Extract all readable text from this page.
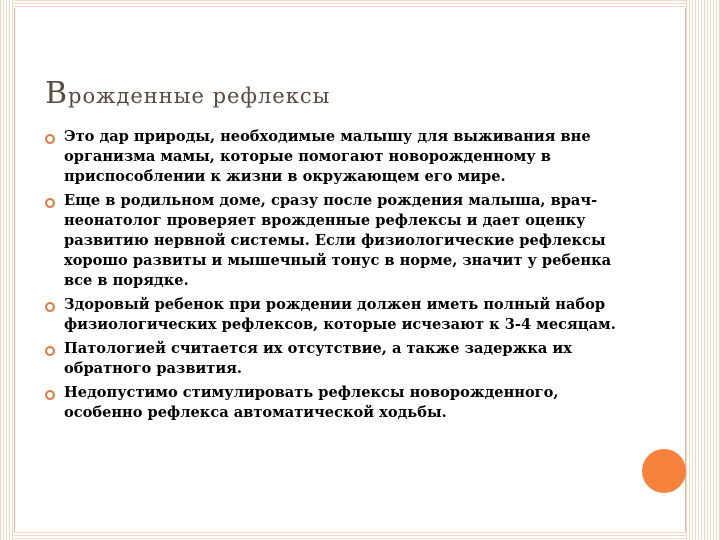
Врожденные рефлексы
Это дар природы, необходимые малышу для выживания вне организма мамы, которые помогают новорожденному в приспособлении к жизни в окружающем его мире.
Еще в родильном доме, сразу после рождения малыша, врач-неонатолог проверяет врожденные рефлексы и дает оценку развитию нервной системы. Если физиологические рефлексы хорошо развиты и мышечный тонус в норме, значит у ребенка все в порядке.
Здоровый ребенок при рождении должен иметь полный набор физиологических рефлексов, которые исчезают к 3-4 месяцам.
Патологией считается их отсутствие, а также задержка их обратного развития.
Недопустимо стимулировать рефлексы новорожденного, особенно рефлекса автоматической ходьбы.
